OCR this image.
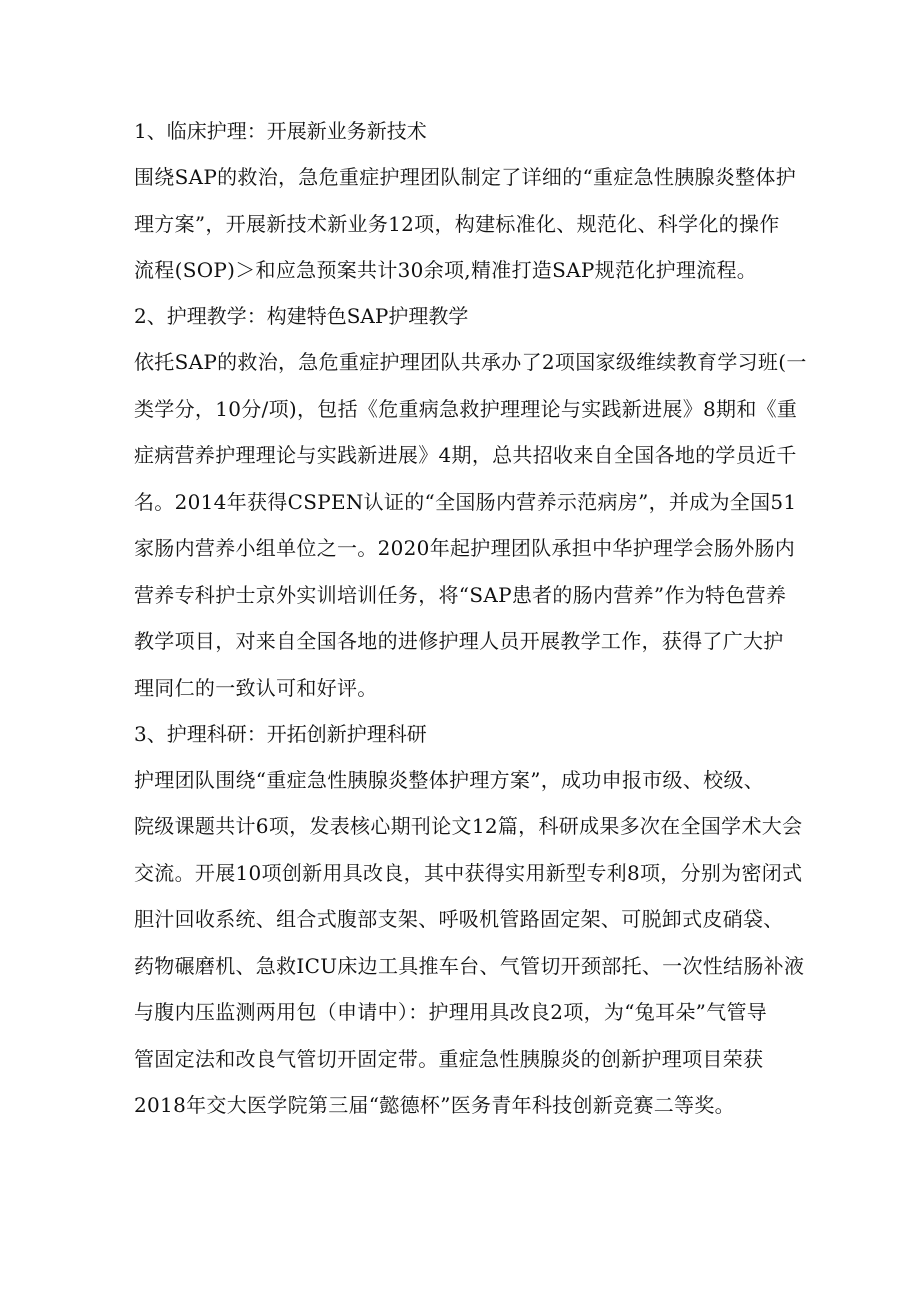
1、临床护理：开展新业务新技术
围绕SAP的救治，急危重症护理团队制定了详细的“重症急性胰腺炎整体护
理方案”，开展新技术新业务12项，构建标准化、规范化、科学化的操作
流程(SOP)＞和应急预案共计30余项,精准打造SAP规范化护理流程。
2、护理教学：构建特色SAP护理教学
依托SAP的救治，急危重症护理团队共承办了2项国家级维续教育学习班(一
类学分，10分/项)，包括《危重病急救护理理论与实践新进展》8期和《重
症病营养护理理论与实践新进展》4期，总共招收来自全国各地的学员近千
名。2014年获得CSPEN认证的“全国肠内营养示范病房”，并成为全国51
家肠内营养小组单位之一。2020年起护理团队承担中华护理学会肠外肠内
营养专科护士京外实训培训任务，将“SAP患者的肠内营养”作为特色营养
教学项目，对来自全国各地的进修护理人员开展教学工作，获得了广大护
理同仁的一致认可和好评。
3、护理科研：开拓创新护理科研
护理团队围绕“重症急性胰腺炎整体护理方案”，成功申报市级、校级、
院级课题共计6项，发表核心期刊论文12篇，科研成果多次在全国学术大会
交流。开展10项创新用具改良，其中获得实用新型专利8项，分别为密闭式
胆汁回收系统、组合式腹部支架、呼吸机管路固定架、可脱卸式皮硝袋、
药物碾磨机、急救ICU床边工具推车台、气管切开颈部托、一次性结肠补液
与腹内压监测两用包（申请中）：护理用具改良2项，为“兔耳朵”气管导
管固定法和改良气管切开固定带。重症急性胰腺炎的创新护理项目荣获
2018年交大医学院第三届“懿德杯”医务青年科技创新竞赛二等奖。
